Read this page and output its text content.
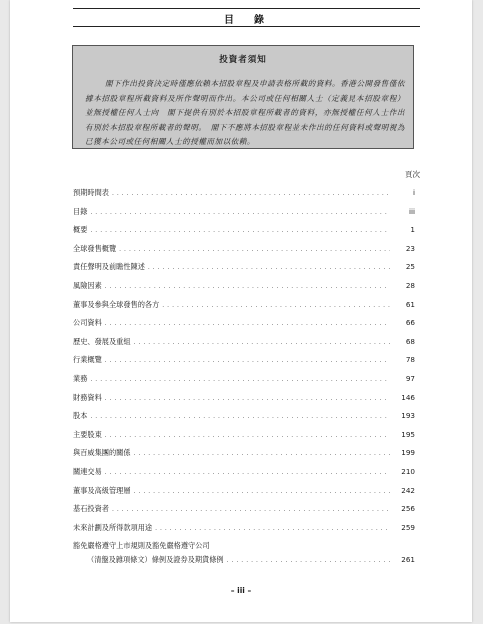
目　錄
投資者須知
閣下作出投資決定時僅應依賴本招股章程及申請表格所載的資料。香港公開發售僅依據本招股章程所載資料及所作聲明而作出。本公司或任何相關人士（定義見本招股章程）並無授權任何人士向　閣下提供有別於本招股章程所載者的資料，亦無授權任何人士作出有別於本招股章程所載者的聲明。　閣下不應將本招股章程並未作出的任何資料或聲明視為已獲本公司或任何相關人士的授權而加以依賴。
頁次
預期時間表 .....	i
目錄 .....	iii
概要 .....	1
全球發售概覽 .....	23
責任聲明及前瞻性陳述 .....	25
風險因素 .....	28
董事及參與全球發售的各方 .....	61
公司資料 .....	66
歷史、發展及重組 .....	68
行業概覽 .....	78
業務 .....	97
財務資料 .....	146
股本 .....	193
主要股東 .....	195
與百威集團的關係 .....	199
關連交易 .....	210
董事及高級管理層 .....	242
基石投資者 .....	256
未來計劃及所得款項用途 .....	259
豁免嚴格遵守上市規則及豁免嚴格遵守公司
（清盤及雜項條文）條例及證券及期貨條例 .....	261
– iii –
